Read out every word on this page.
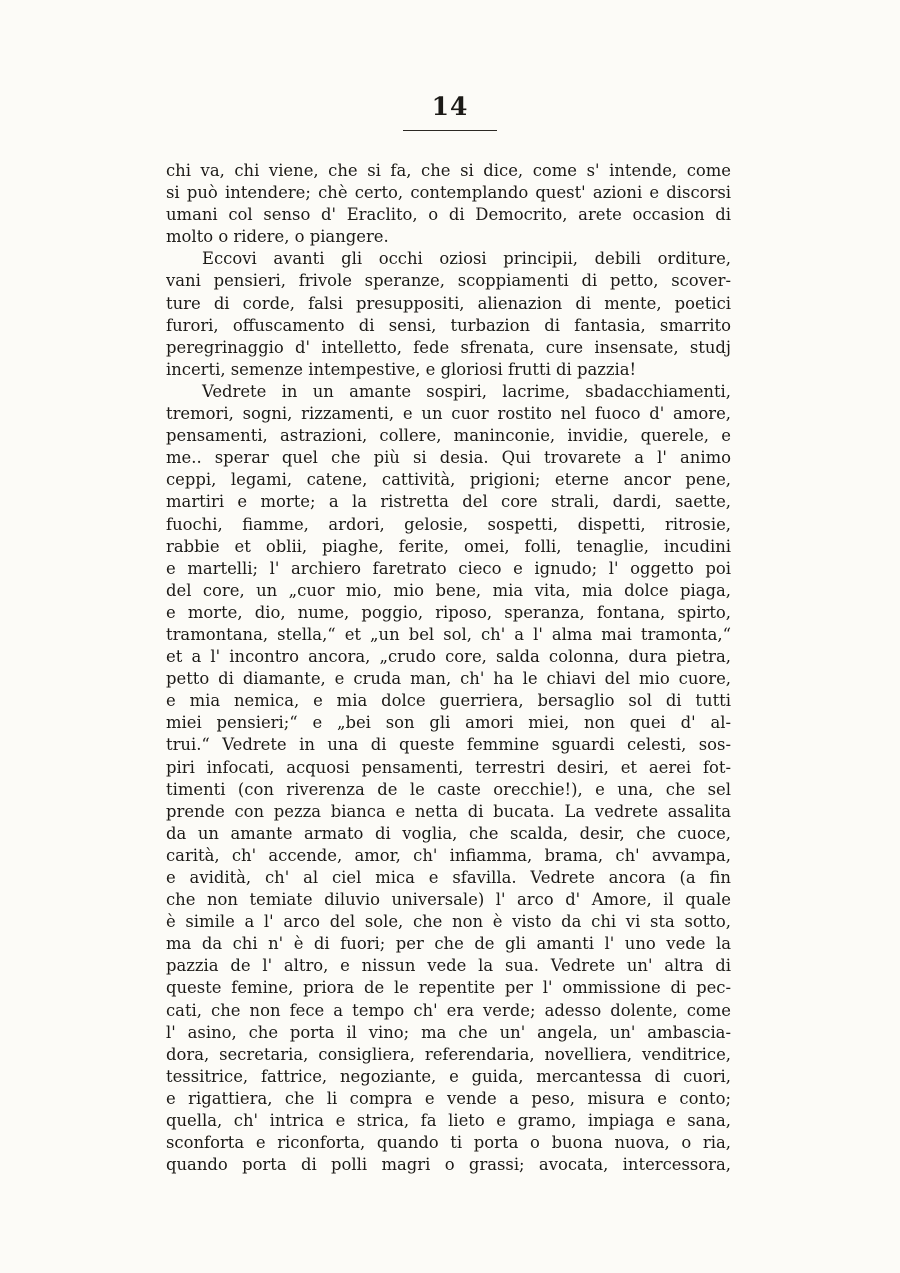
14
chi va, chi viene, che si fa, che si dice, come s' intende, come
si può intendere; chè certo, contemplando quest' azioni e discorsi
umani col senso d' Eraclito, o di Democrito, arete occasion di
molto o ridere, o piangere.
Eccovi avanti gli occhi oziosi principii, debili orditure,
vani pensieri, frivole speranze, scoppiamenti di petto, scover-
ture di corde, falsi presuppositi, alienazion di mente, poetici
furori, offuscamento di sensi, turbazion di fantasia, smarrito
peregrinaggio d' intelletto, fede sfrenata, cure insensate, studj
incerti, semenze intempestive, e gloriosi frutti di pazzia!
Vedrete in un amante sospiri, lacrime, sbadacchiamenti,
tremori, sogni, rizzamenti, e un cuor rostito nel fuoco d' amore,
pensamenti, astrazioni, collere, maninconie, invidie, querele, e
me.. sperar quel che più si desia. Qui trovarete a l' animo
ceppi, legami, catene, cattività, prigioni; eterne ancor pene,
martiri e morte; a la ristretta del core strali, dardi, saette,
fuochi, fiamme, ardori, gelosie, sospetti, dispetti, ritrosie,
rabbie et oblii, piaghe, ferite, omei, folli, tenaglie, incudini
e martelli; l' archiero faretrato cieco e ignudo; l' oggetto poi
del core, un „cuor mio, mio bene, mia vita, mia dolce piaga,
e morte, dio, nume, poggio, riposo, speranza, fontana, spirto,
tramontana, stella,“ et „un bel sol, ch' a l' alma mai tramonta,“
et a l' incontro ancora, „crudo core, salda colonna, dura pietra,
petto di diamante, e cruda man, ch' ha le chiavi del mio cuore,
e mia nemica, e mia dolce guerriera, bersaglio sol di tutti
miei pensieri;“ e „bei son gli amori miei, non quei d' al-
trui.“ Vedrete in una di queste femmine sguardi celesti, sos-
piri infocati, acquosi pensamenti, terrestri desiri, et aerei fot-
timenti (con riverenza de le caste orecchie!), e una, che sel
prende con pezza bianca e netta di bucata. La vedrete assalita
da un amante armato di voglia, che scalda, desir, che cuoce,
carità, ch' accende, amor, ch' infiamma, brama, ch' avvampa,
e avidità, ch' al ciel mica e sfavilla. Vedrete ancora (a fin
che non temiate diluvio universale) l' arco d' Amore, il quale
è simile a l' arco del sole, che non è visto da chi vi sta sotto,
ma da chi n' è di fuori; per che de gli amanti l' uno vede la
pazzia de l' altro, e nissun vede la sua. Vedrete un' altra di
queste femine, priora de le repentite per l' ommissione di pec-
cati, che non fece a tempo ch' era verde; adesso dolente, come
l' asino, che porta il vino; ma che un' angela, un' ambascia-
dora, secretaria, consigliera, referendaria, novelliera, venditrice,
tessitrice, fattrice, negoziante, e guida, mercantessa di cuori,
e rigattiera, che li compra e vende a peso, misura e conto;
quella, ch' intrica e strica, fa lieto e gramo, impiaga e sana,
sconforta e riconforta, quando ti porta o buona nuova, o ria,
quando porta di polli magri o grassi; avocata, intercessora,
